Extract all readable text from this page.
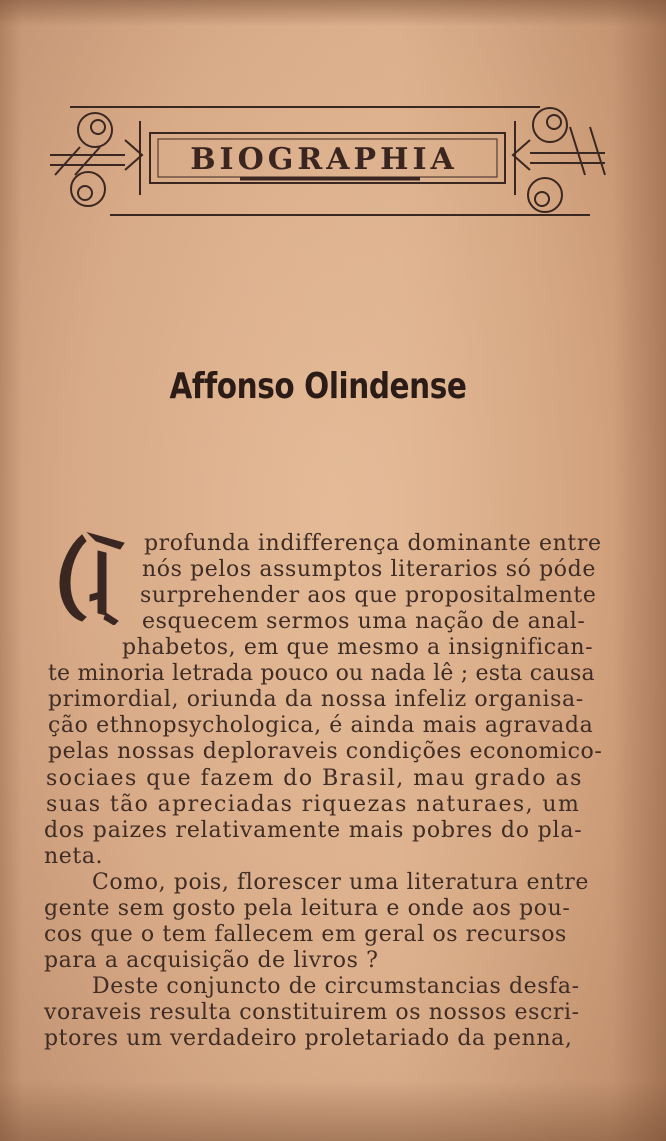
BIOGRAPHIA
Affonso Olindense
profunda indifferença dominante entre
nós pelos assumptos literarios só póde
surprehender aos que propositalmente
esquecem sermos uma nação de anal-
phabetos, em que mesmo a insignifican-
te minoria letrada pouco ou nada lê ; esta causa
primordial, oriunda da nossa infeliz organisa-
ção ethnopsychologica, é ainda mais agravada
pelas nossas deploraveis condições economico-
sociaes que fazem do Brasil, mau grado as
suas tão apreciadas riquezas naturaes, um
dos paizes relativamente mais pobres do pla-
neta.
Como, pois, florescer uma literatura entre
gente sem gosto pela leitura e onde aos pou-
cos que o tem fallecem em geral os recursos
para a acquisição de livros ?
Deste conjuncto de circumstancias desfa-
voraveis resulta constituirem os nossos escri-
ptores um verdadeiro proletariado da penna,
